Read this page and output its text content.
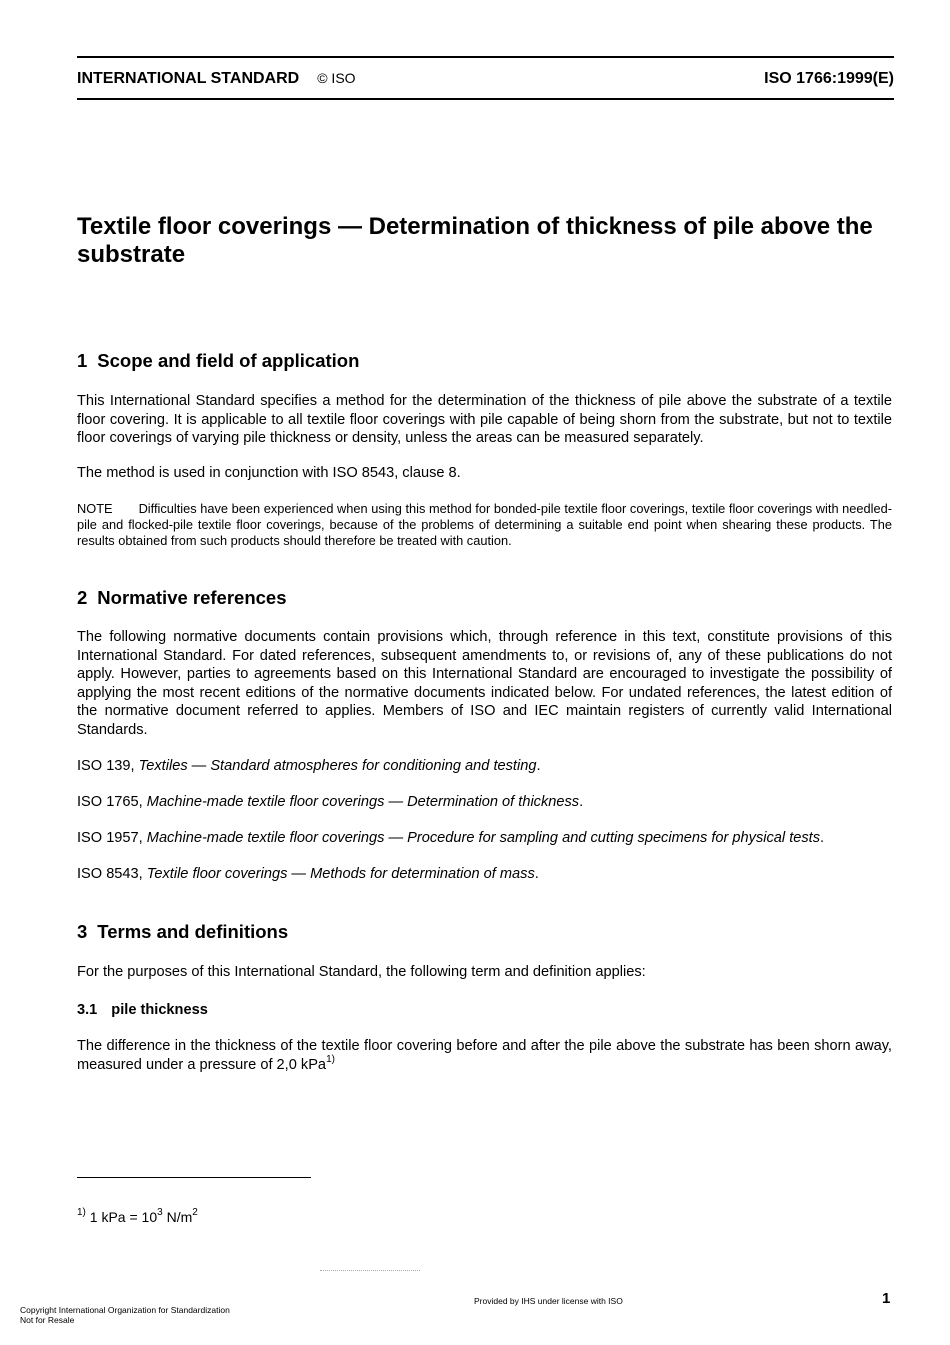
INTERNATIONAL STANDARD © ISO	ISO 1766:1999(E)
Textile floor coverings — Determination of thickness of pile above the substrate
1 Scope and field of application

This International Standard specifies a method for the determination of the thickness of pile above the substrate of a textile floor covering. It is applicable to all textile floor coverings with pile capable of being shorn from the substrate, but not to textile floor coverings of varying pile thickness or density, unless the areas can be measured separately.

The method is used in conjunction with ISO 8543, clause 8.

NOTE Difficulties have been experienced when using this method for bonded-pile textile floor coverings, textile floor coverings with needled-pile and flocked-pile textile floor coverings, because of the problems of determining a suitable end point when shearing these products. The results obtained from such products should therefore be treated with caution.

2 Normative references

The following normative documents contain provisions which, through reference in this text, constitute provisions of this International Standard. For dated references, subsequent amendments to, or revisions of, any of these publications do not apply. However, parties to agreements based on this International Standard are encouraged to investigate the possibility of applying the most recent editions of the normative documents indicated below. For undated references, the latest edition of the normative document referred to applies. Members of ISO and IEC maintain registers of currently valid International Standards.

ISO 139, Textiles — Standard atmospheres for conditioning and testing.

ISO 1765, Machine-made textile floor coverings — Determination of thickness.

ISO 1957, Machine-made textile floor coverings — Procedure for sampling and cutting specimens for physical tests.

ISO 8543, Textile floor coverings — Methods for determination of mass.

3 Terms and definitions

For the purposes of this International Standard, the following term and definition applies:

3.1 pile thickness

The difference in the thickness of the textile floor covering before and after the pile above the substrate has been shorn away, measured under a pressure of 2,0 kPa$^{1)}$

$^{1)}$ 1 kPa = $10^3$ $N/m^2$
Provided by IHS under license with ISO	1
Copyright International Organization for Standardization
Not for Resale
